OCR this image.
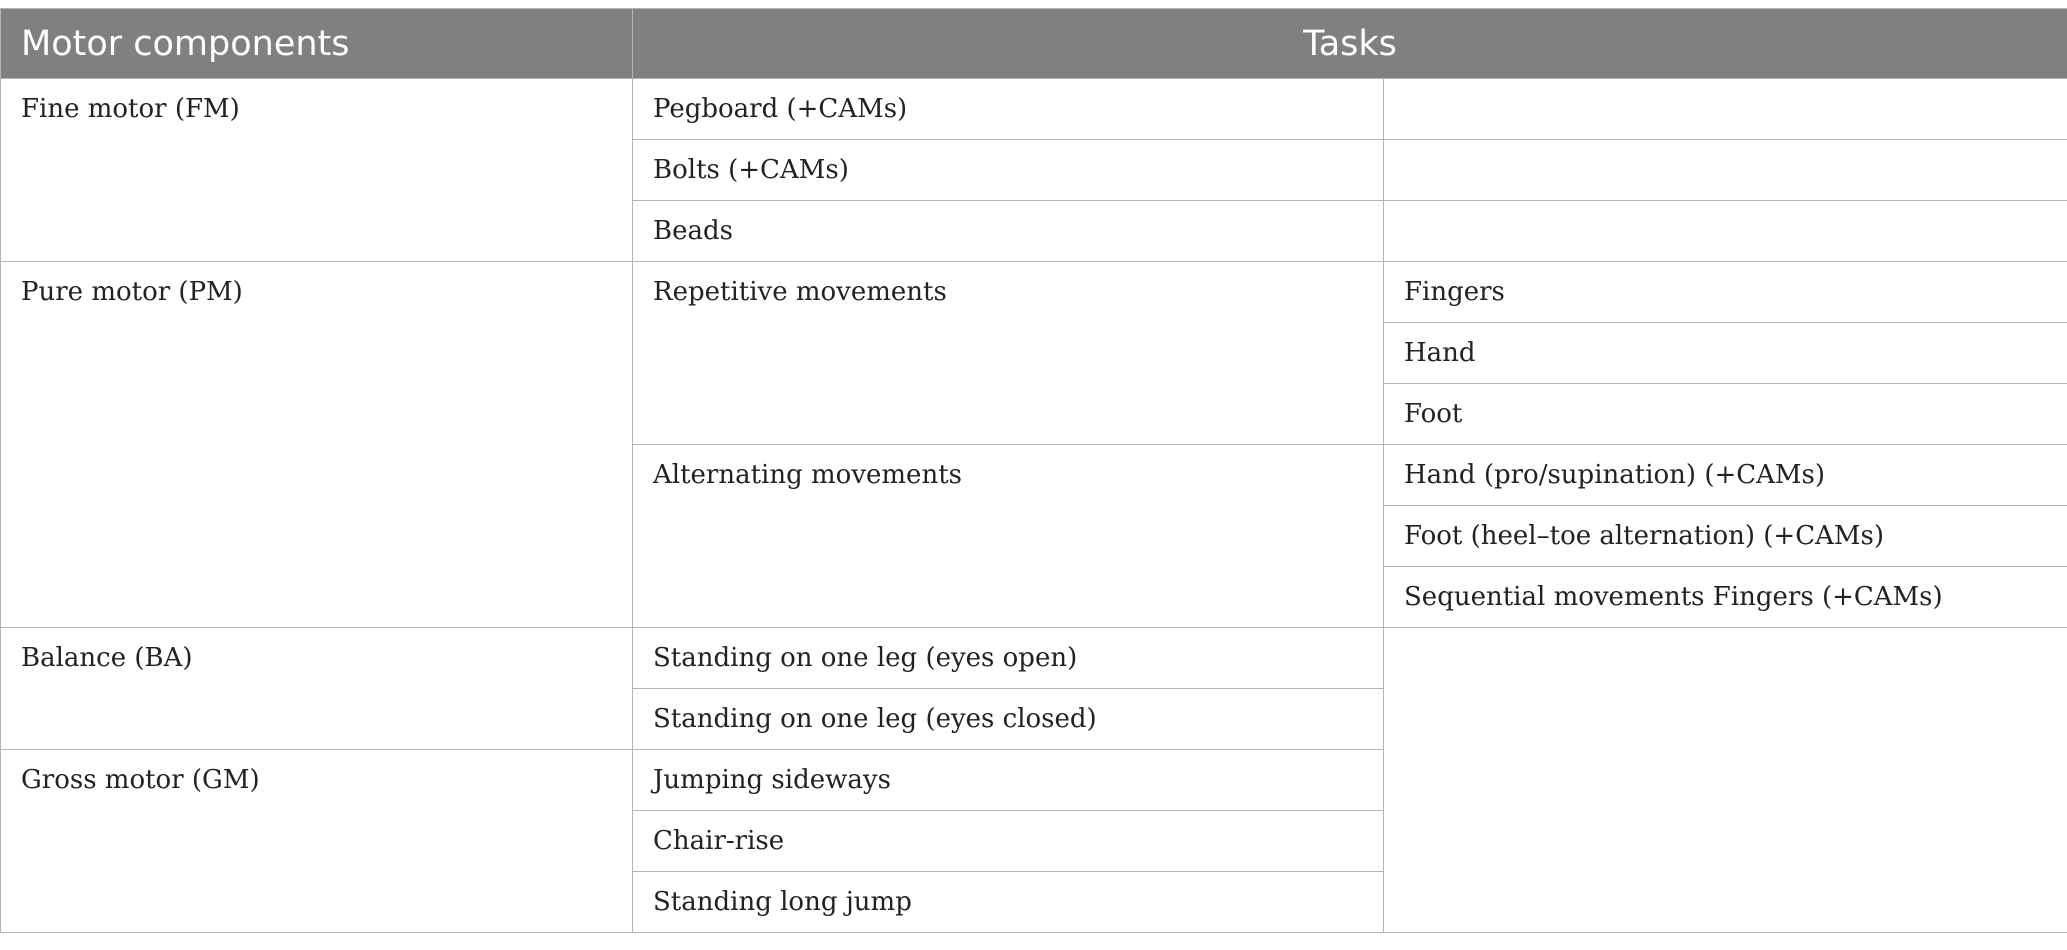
Motor components	Tasks	
Fine motor (FM)	Pegboard (+CAMs)	
	Bolts (+CAMs)	
	Beads	
Pure motor (PM)	Repetitive movements	Fingers
		Hand
		Foot
	Alternating movements	Hand (pro/supination) (+CAMs)
		Foot (heel–toe alternation) (+CAMs)
		Sequential movements Fingers (+CAMs)
Balance (BA)	Standing on one leg (eyes open)	
	Standing on one leg (eyes closed)	
Gross motor (GM)	Jumping sideways	
	Chair-rise	
	Standing long jump	
